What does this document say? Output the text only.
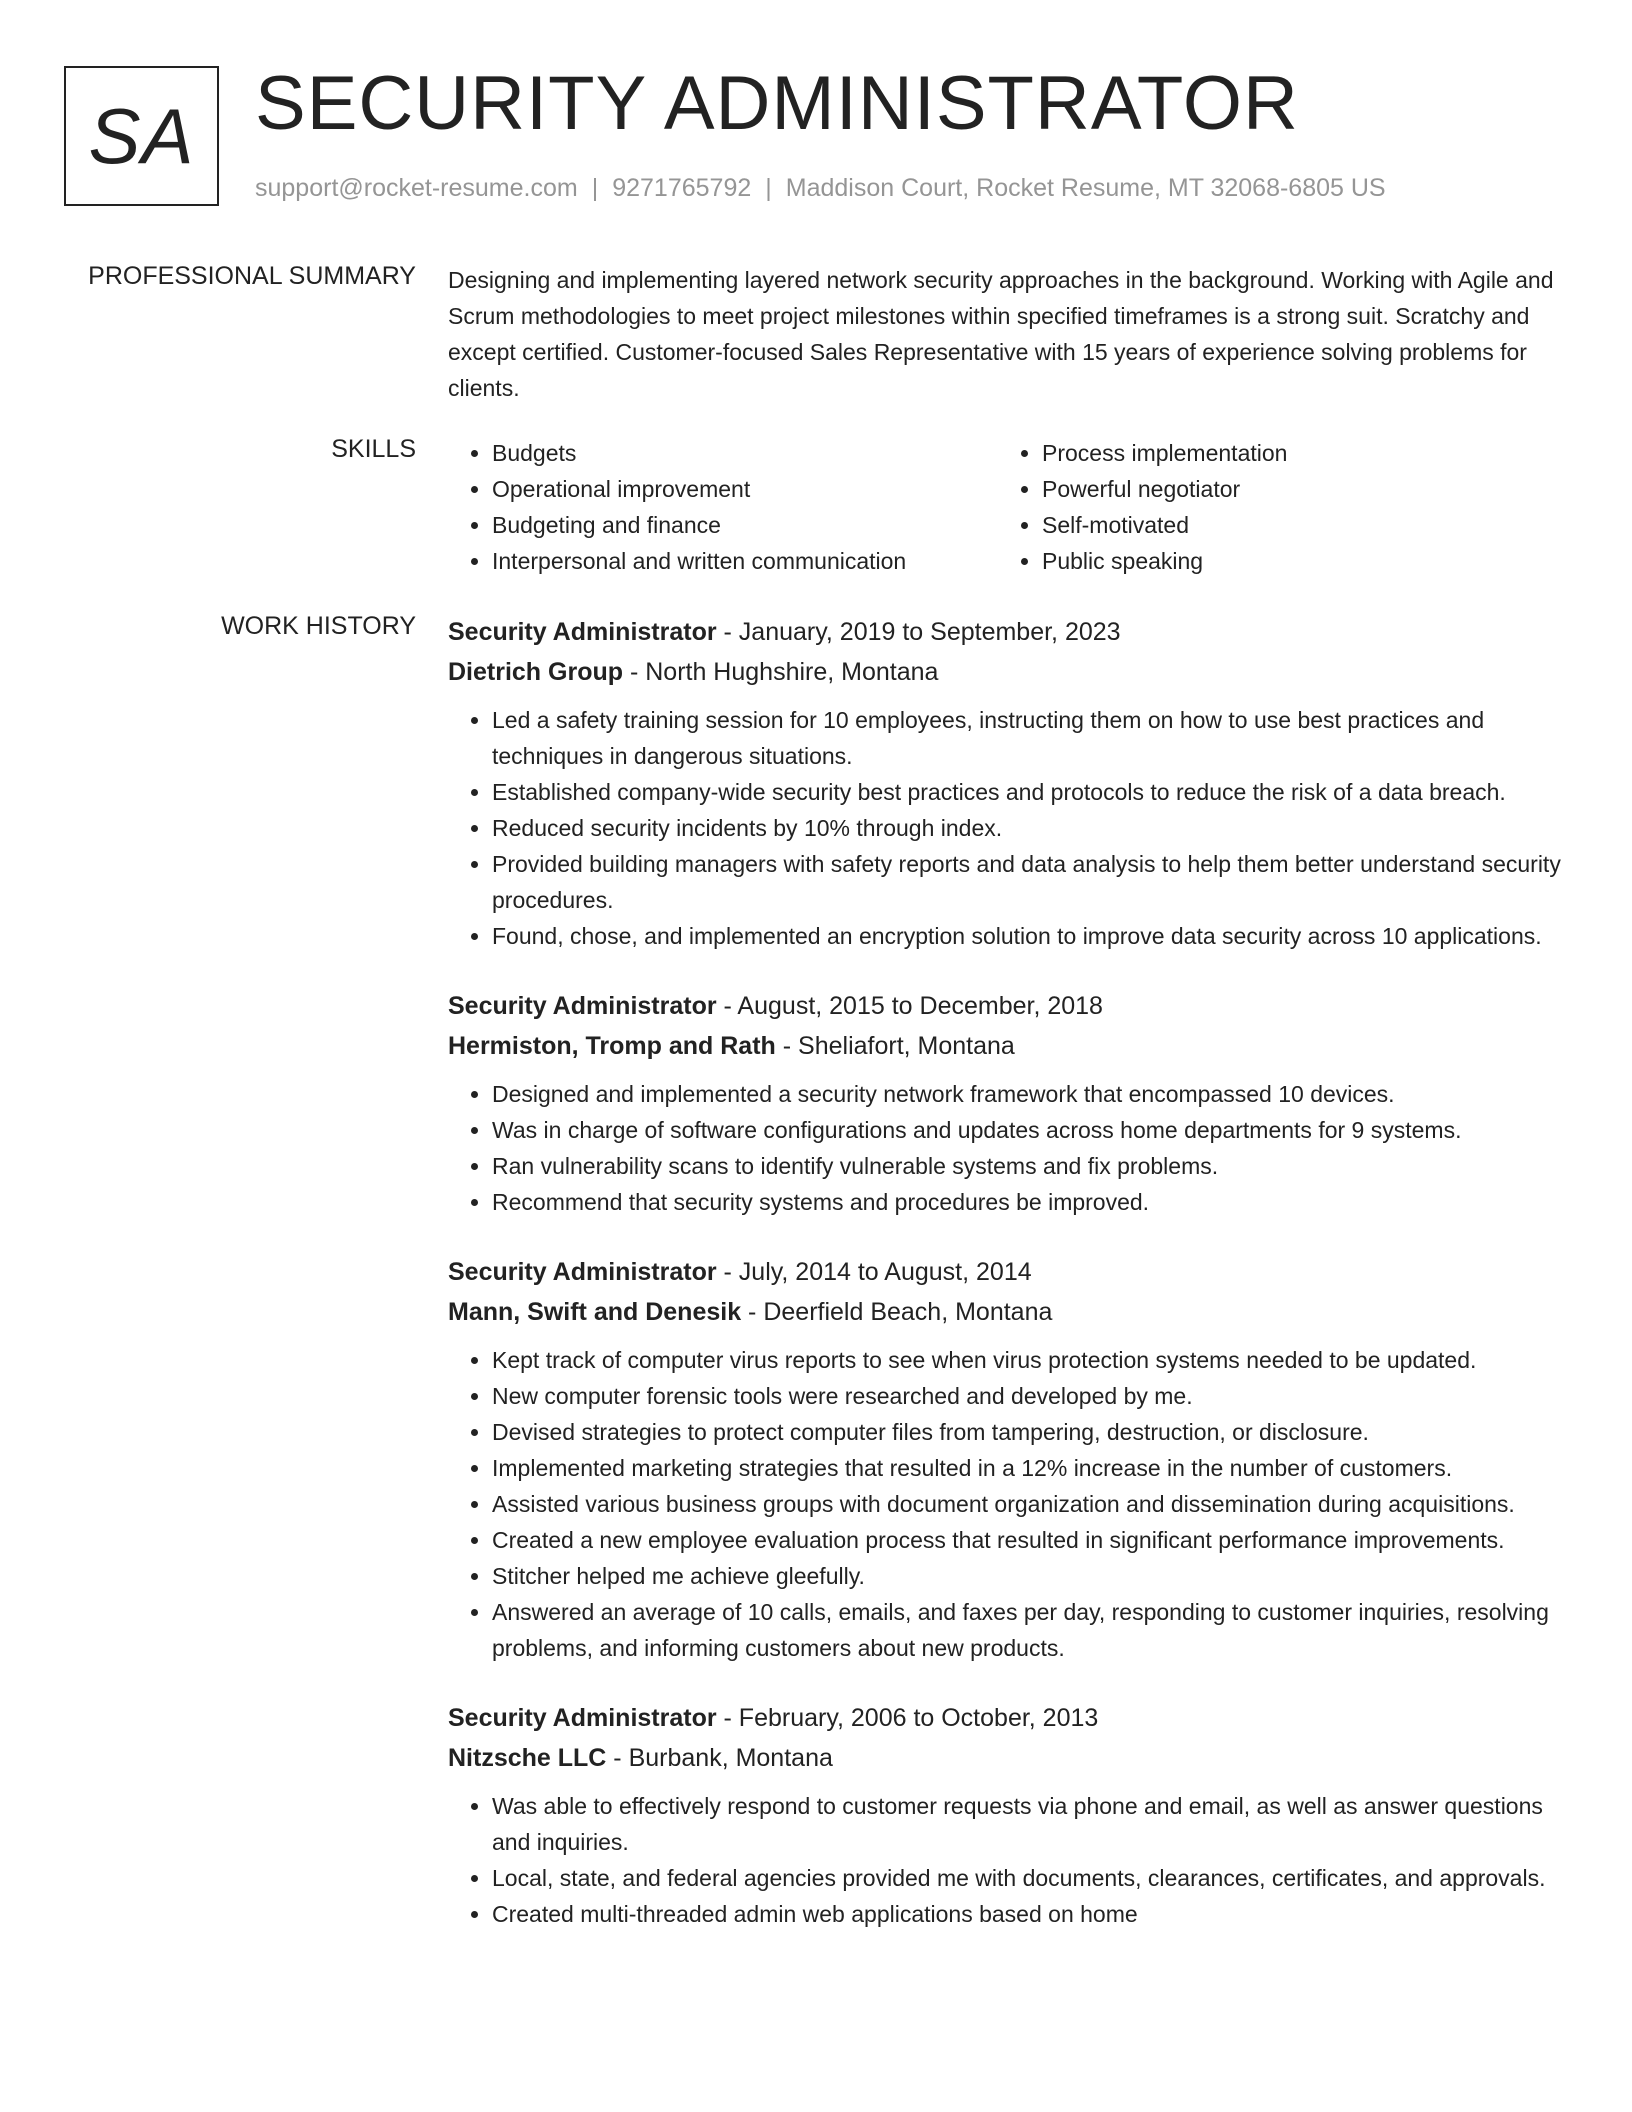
SA SECURITY ADMINISTRATOR
support@rocket-resume.com | 9271765792 | Maddison Court, Rocket Resume, MT 32068-6805 US
PROFESSIONAL SUMMARY Designing and implementing layered network security approaches in the background. Working with Agile and Scrum methodologies to meet project milestones within specified timeframes is a strong suit. Scratchy and except certified. Customer-focused Sales Representative with 15 years of experience solving problems for clients.

SKILLS
•	Budgets
• Operational improvement
• Budgeting and finance
• Interpersonal and written communication
• Process implementation
• Powerful negotiator
• Self-motivated
• Public speaking
WORK HISTORY Security Administrator - January, 2019 to September, 2023
Dietrich Group - North Hughshire, Montana
• Led a safety training session for 10 employees, instructing them on how to use best practices and techniques in dangerous situations.
• Established company-wide security best practices and protocols to reduce the risk of a data breach.
• Reduced security incidents by 10% through index.
• Provided building managers with safety reports and data analysis to help them better understand security procedures.
• Found, chose, and implemented an encryption solution to improve data security across 10 applications.
Security Administrator - August, 2015 to December, 2018
Hermiston, Tromp and Rath - Sheliafort, Montana
• Designed and implemented a security network framework that encompassed 10 devices.
• Was in charge of software configurations and updates across home departments for 9 systems.
• Ran vulnerability scans to identify vulnerable systems and fix problems.
• Recommend that security systems and procedures be improved.
Security Administrator - July, 2014 to August, 2014
Mann, Swift and Denesik - Deerfield Beach, Montana
• Kept track of computer virus reports to see when virus protection systems needed to be updated.
• New computer forensic tools were researched and developed by me.
• Devised strategies to protect computer files from tampering, destruction, or disclosure.
• Implemented marketing strategies that resulted in a 12% increase in the number of customers.
• Assisted various business groups with document organization and dissemination during acquisitions.
• Created a new employee evaluation process that resulted in significant performance improvements.
• Stitcher helped me achieve gleefully.
• Answered an average of 10 calls, emails, and faxes per day, responding to customer inquiries, resolving problems, and informing customers about new products.
Security Administrator - February, 2006 to October, 2013
Nitzsche LLC - Burbank, Montana
• Was able to effectively respond to customer requests via phone and email, as well as answer questions and inquiries.
• Local, state, and federal agencies provided me with documents, clearances, certificates, and approvals.
• Created multi-threaded admin web applications based on home
